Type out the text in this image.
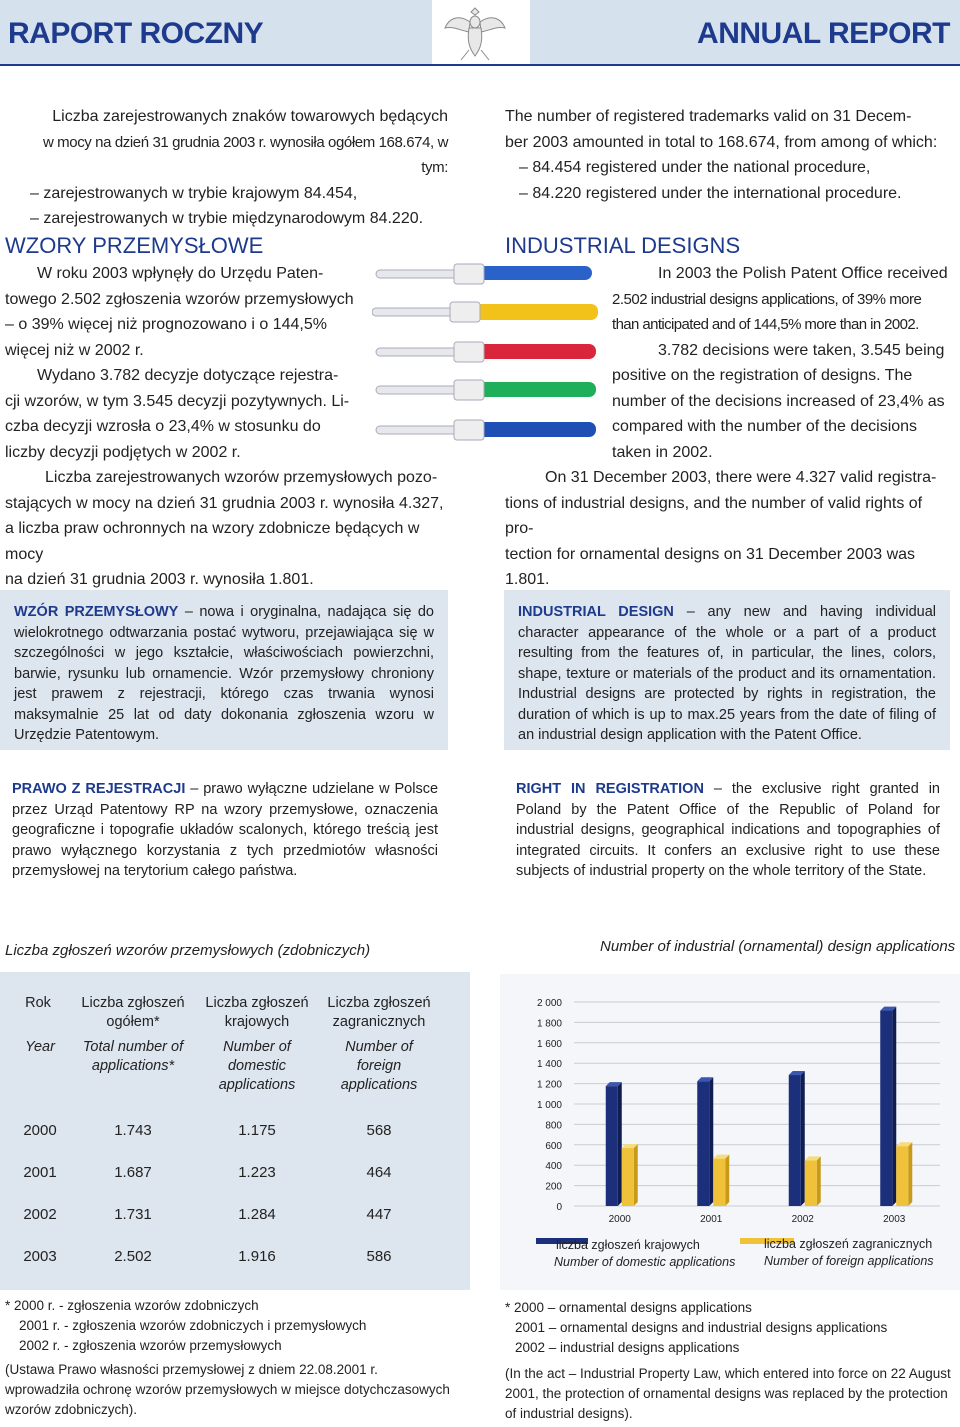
RAPORT ROCZNY	ANNUAL REPORT

Liczba zarejestrowanych znaków towarowych będących

w mocy na dzień 31 grudnia 2003 r. wynosiła ogółem 168.674, w tym:

– zarejestrowanych w trybie krajowym 84.454,

– zarejestrowanych w trybie międzynarodowym 84.220.

The number of registered trademarks valid on 31 Decem-

ber 2003 amounted in total to 168.674, from among of which:

– 84.454 registered under the national procedure,

– 84.220 registered under the international procedure.

WZORY PRZEMYSŁOWE	INDUSTRIAL DESIGNS

W roku 2003 wpłynęły do Urzędu Paten-

towego 2.502 zgłoszenia wzorów przemysłowych

– o 39% więcej niż prognozowano i o 144,5%

więcej niż w 2002 r.

Wydano 3.782 decyzje dotyczące rejestra-

cji wzorów, w tym 3.545 decyzji pozytywnych. Li-

czba decyzji wzrosła o 23,4% w stosunku do

liczby decyzji podjętych w 2002 r.

Liczba zarejestrowanych wzorów przemysłowych pozo-

stających w mocy na dzień 31 grudnia 2003 r. wynosiła 4.327,

a liczba praw ochronnych na wzory zdobnicze będących w mocy

na dzień 31 grudnia 2003 r. wynosiła 1.801.

In 2003 the Polish Patent Office received

2.502 industrial designs applications, of 39% more

than anticipated and of 144,5% more than in 2002.

3.782 decisions were taken, 3.545 being

positive on the registration of designs. The

number of the decisions increased of 23,4% as

compared with the number of the decisions

taken in 2002.

On 31 December 2003, there were 4.327 valid registra-

tions of industrial designs, and the number of valid rights of pro-

tection for ornamental designs on 31 December 2003 was

1.801.

WZÓR PRZEMYSŁOWY – nowa i oryginalna, nadająca się do wielokrotnego odtwarzania postać wytworu, przejawiająca się w szczególności w jego kształcie, właściwościach powierzchni, barwie, rysunku lub ornamencie. Wzór przemysłowy chroniony jest prawem z rejestracji, którego czas trwania wynosi maksymalnie 25 lat od daty dokonania zgłoszenia wzoru w Urzędzie Patentowym.
INDUSTRIAL DESIGN – any new and having individual character appearance of the whole or a part of a product resulting from the features of, in particular, the lines, colors, shape, texture or materials of the product and its ornamentation. Industrial designs are protected by rights in registration, the duration of which is up to max.25 years from the date of filing of an industrial design application with the Patent Office.
PRAWO Z REJESTRACJI – prawo wyłączne udzielane w Polsce przez Urząd Patentowy RP na wzory przemysłowe, oznaczenia geograficzne i topografie układów scalonych, którego treścią jest prawo wyłącznego korzystania z tych przedmiotów własności przemysłowej na terytorium całego państwa.
RIGHT IN REGISTRATION – the exclusive right granted in Poland by the Patent Office of the Republic of Poland for industrial designs, geographical indications and topographies of integrated circuits. It confers an exclusive right to use these subjects of industrial property on the whole territory of the State.
Liczba zgłoszeń wzorów przemysłowych (zdobniczych)	Number of industrial (ornamental) design applications
Rok
Year
Liczba zgłoszeń ogółem*
Total number of applications*
Liczba zgłoszeń krajowych
Number of domestic applications
Liczba zgłoszeń zagranicznych
Number of foreign applications
2000	1.743	1.175	568
2001	1.687	1.223	464
2002	1.731	1.284	447
2003	2.502	1.916	586
0
200
400
600
800
1 000
1 200
1 400
1 600
1 800
2 000
2000	2001	2002	2003
liczba zgłoszeń krajowych
Number of domestic applications
liczba zgłoszeń zagranicznych
Number of foreign applications
* 2000 r. - zgłoszenia wzorów zdobniczych
2001 r. - zgłoszenia wzorów zdobniczych i przemysłowych
2002 r. - zgłoszenia wzorów przemysłowych
(Ustawa Prawo własności przemysłowej z dniem 22.08.2001 r. wprowadziła ochronę wzorów przemysłowych w miejsce dotychczasowych wzorów zdobniczych).
* 2000 – ornamental designs applications
2001 – ornamental designs and industrial designs applications
2002 – industrial designs applications
(In the act – Industrial Property Law, which entered into force on 22 August 2001, the protection of ornamental designs was replaced by the protection of industrial designs).
